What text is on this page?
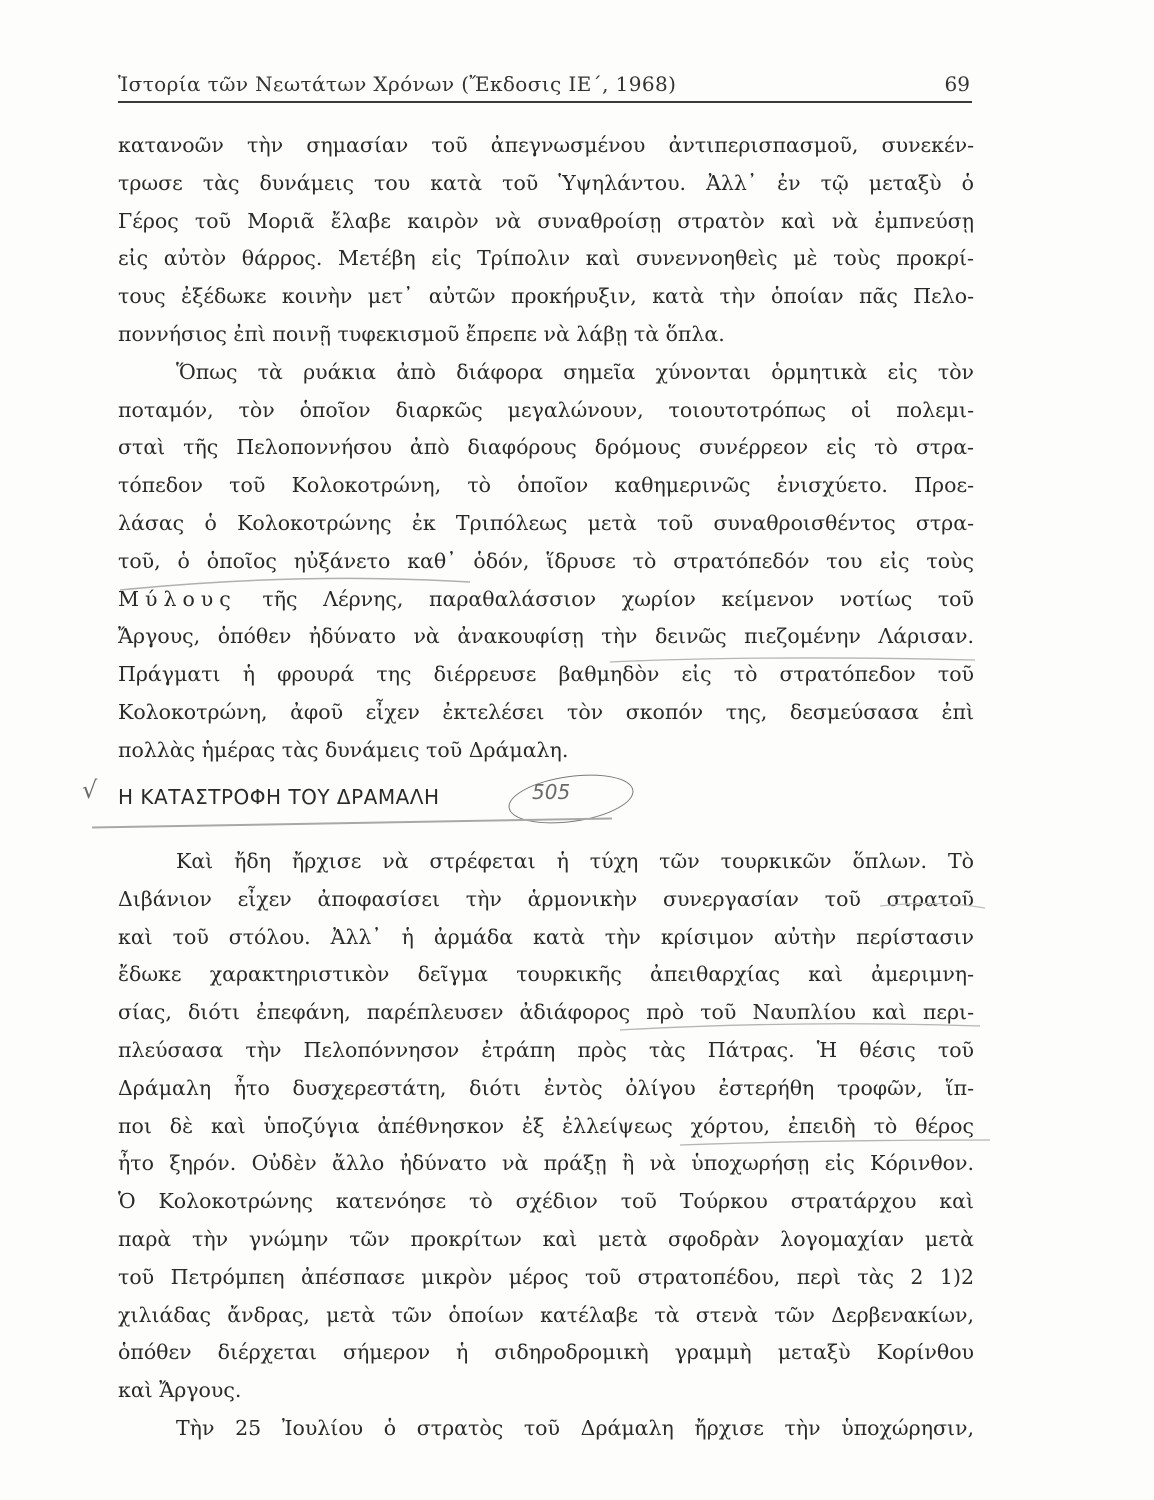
Ἱστορία τῶν Νεωτάτων Χρόνων (Ἔκδοσις ΙΕ΄, 1968)	69
κατανοῶν τὴν σημασίαν τοῦ ἀπεγνωσμένου ἀντιπερισπασμοῦ, συνεκέν-
τρωσε τὰς δυνάμεις του κατὰ τοῦ Ὑψηλάντου. Ἀλλ᾽ ἐν τῷ μεταξὺ ὁ
Γέρος τοῦ Μοριᾶ ἔλαβε καιρὸν νὰ συναθροίσῃ στρατὸν καὶ νὰ ἐμπνεύσῃ
εἰς αὐτὸν θάρρος. Μετέβη εἰς Τρίπολιν καὶ συνεννοηθεὶς μὲ τοὺς προκρί-
τους ἐξέδωκε κοινὴν μετ᾽ αὐτῶν προκήρυξιν, κατὰ τὴν ὁποίαν πᾶς Πελο-
ποννήσιος ἐπὶ ποινῇ τυφεκισμοῦ ἔπρεπε νὰ λάβῃ τὰ ὅπλα.
Ὅπως τὰ ρυάκια ἀπὸ διάφορα σημεῖα χύνονται ὁρμητικὰ εἰς τὸν
ποταμόν, τὸν ὁποῖον διαρκῶς μεγαλώνουν, τοιουτοτρόπως οἱ πολεμι-
σταὶ τῆς Πελοποννήσου ἀπὸ διαφόρους δρόμους συνέρρεον εἰς τὸ στρα-
τόπεδον τοῦ Κολοκοτρώνη, τὸ ὁποῖον καθημερινῶς ἐνισχύετο. Προε-
λάσας ὁ Κολοκοτρώνης ἐκ Τριπόλεως μετὰ τοῦ συναθροισθέντος στρα-
τοῦ, ὁ ὁποῖος ηὐξάνετο καθ᾽ ὁδόν, ἵδρυσε τὸ στρατόπεδόν του εἰς τοὺς
Μύλους τῆς Λέρνης, παραθαλάσσιον χωρίον κείμενον νοτίως τοῦ
Ἄργους, ὁπόθεν ἠδύνατο νὰ ἀνακουφίσῃ τὴν δεινῶς πιεζομένην Λάρισαν.
Πράγματι ἡ φρουρά της διέρρευσε βαθμηδὸν εἰς τὸ στρατόπεδον τοῦ
Κολοκοτρώνη, ἀφοῦ εἶχεν ἐκτελέσει τὸν σκοπόν της, δεσμεύσασα ἐπὶ
πολλὰς ἡμέρας τὰς δυνάμεις τοῦ Δράμαλη.
√ Η ΚΑΤΑΣΤΡΟΦΗ ΤΟΥ ΔΡΑΜΑΛΗ	505
Καὶ ἤδη ἤρχισε νὰ στρέφεται ἡ τύχη τῶν τουρκικῶν ὅπλων. Τὸ
Διβάνιον εἶχεν ἀποφασίσει τὴν ἁρμονικὴν συνεργασίαν τοῦ στρατοῦ
καὶ τοῦ στόλου. Ἀλλ᾽ ἡ ἀρμάδα κατὰ τὴν κρίσιμον αὐτὴν περίστασιν
ἔδωκε χαρακτηριστικὸν δεῖγμα τουρκικῆς ἀπειθαρχίας καὶ ἀμεριμνη-
σίας, διότι ἐπεφάνη, παρέπλευσεν ἀδιάφορος πρὸ τοῦ Ναυπλίου καὶ περι-
πλεύσασα τὴν Πελοπόννησον ἐτράπη πρὸς τὰς Πάτρας. Ἡ θέσις τοῦ
Δράμαλη ἦτο δυσχερεστάτη, διότι ἐντὸς ὀλίγου ἐστερήθη τροφῶν, ἵπ-
ποι δὲ καὶ ὑποζύγια ἀπέθνησκον ἐξ ἐλλείψεως χόρτου, ἐπειδὴ τὸ θέρος
ἦτο ξηρόν. Οὐδὲν ἄλλο ἠδύνατο νὰ πράξῃ ἢ νὰ ὑποχωρήσῃ εἰς Κόρινθον.
Ὁ Κολοκοτρώνης κατενόησε τὸ σχέδιον τοῦ Τούρκου στρατάρχου καὶ
παρὰ τὴν γνώμην τῶν προκρίτων καὶ μετὰ σφοδρὰν λογομαχίαν μετὰ
τοῦ Πετρόμπεη ἀπέσπασε μικρὸν μέρος τοῦ στρατοπέδου, περὶ τὰς 2 1)2
χιλιάδας ἄνδρας, μετὰ τῶν ὁποίων κατέλαβε τὰ στενὰ τῶν Δερβενακίων,
ὁπόθεν διέρχεται σήμερον ἡ σιδηροδρομικὴ γραμμὴ μεταξὺ Κορίνθου
καὶ Ἄργους.
Τὴν 25 Ἰουλίου ὁ στρατὸς τοῦ Δράμαλη ἤρχισε τὴν ὑποχώρησιν,
